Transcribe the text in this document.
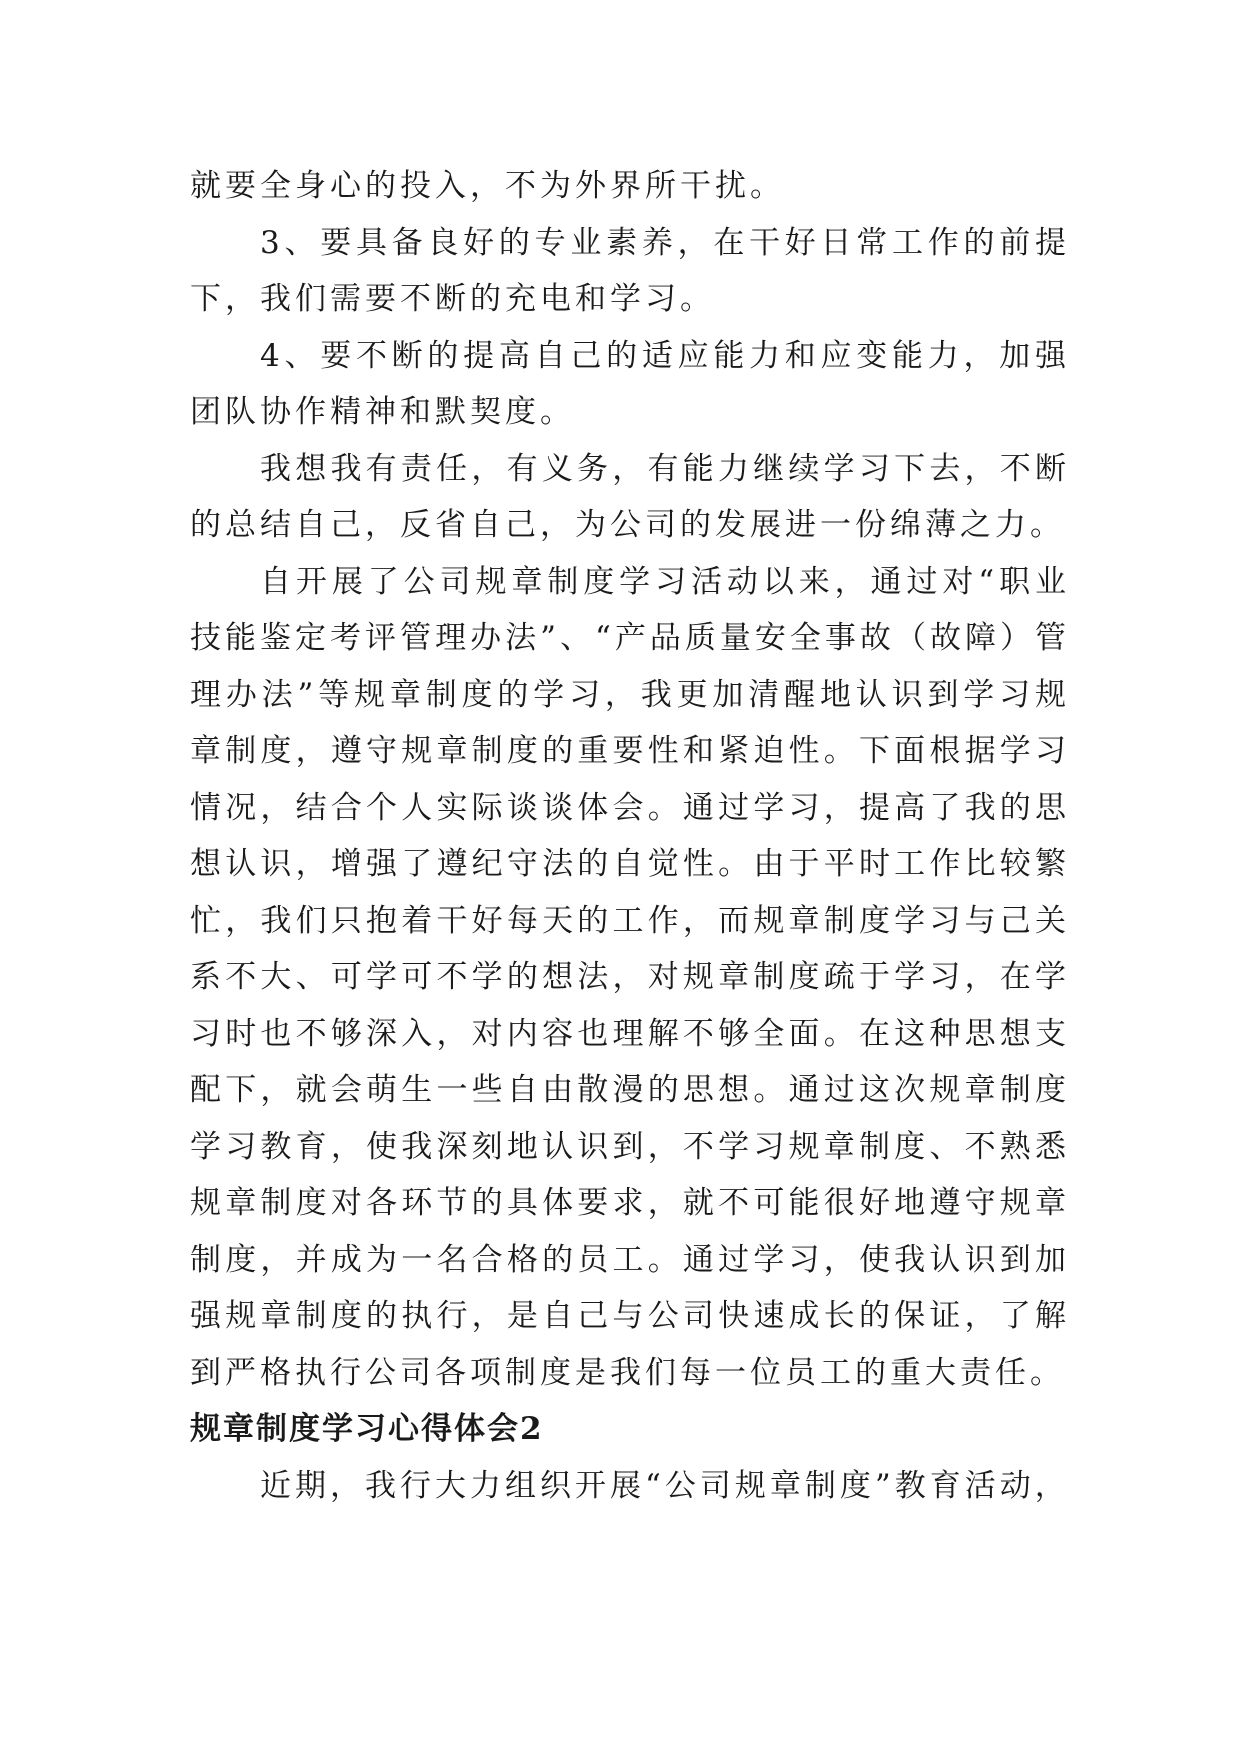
就要全身心的投入，不为外界所干扰。

3、要具备良好的专业素养，在干好日常工作的前提下，我们需要不断的充电和学习。

4、要不断的提高自己的适应能力和应变能力，加强团队协作精神和默契度。

我想我有责任，有义务，有能力继续学习下去，不断的总结自己，反省自己，为公司的发展进一份绵薄之力。

自开展了公司规章制度学习活动以来，通过对“职业技能鉴定考评管理办法”、“产品质量安全事故（故障）管理办法”等规章制度的学习，我更加清醒地认识到学习规章制度，遵守规章制度的重要性和紧迫性。下面根据学习情况，结合个人实际谈谈体会。通过学习，提高了我的思想认识，增强了遵纪守法的自觉性。由于平时工作比较繁忙，我们只抱着干好每天的工作，而规章制度学习与己关系不大、可学可不学的想法，对规章制度疏于学习，在学习时也不够深入，对内容也理解不够全面。在这种思想支配下，就会萌生一些自由散漫的思想。通过这次规章制度学习教育，使我深刻地认识到，不学习规章制度、不熟悉规章制度对各环节的具体要求，就不可能很好地遵守规章制度，并成为一名合格的员工。通过学习，使我认识到加强规章制度的执行，是自己与公司快速成长的保证，了解到严格执行公司各项制度是我们每一位员工的重大责任。

规章制度学习心得体会2

近期，我行大力组织开展“公司规章制度”教育活动，
